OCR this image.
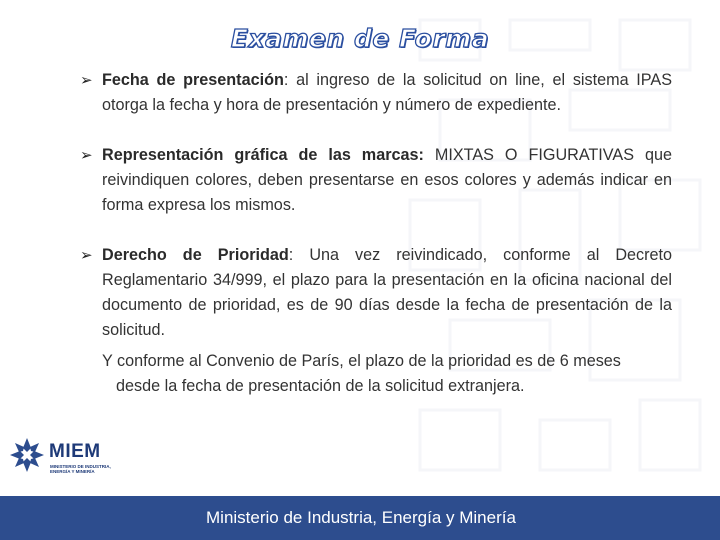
Examen de Forma
➢ Fecha de presentación: al ingreso de la solicitud on line, el sistema IPAS otorga la fecha y hora de presentación y número de expediente.
➢ Representación gráfica de las marcas: MIXTAS O FIGURATIVAS que reivindiquen colores, deben presentarse en esos colores y además indicar en forma expresa los mismos.
➢ Derecho de Prioridad: Una vez reivindicado, conforme al Decreto Reglamentario 34/999, el plazo para la presentación en la oficina nacional del documento de prioridad, es de 90 días desde la fecha de presentación de la solicitud.
Y conforme al Convenio de París, el plazo de la prioridad es de 6 meses
desde la fecha de presentación de la solicitud extranjera.
MIEM
MINISTERIO DE INDUSTRIA, ENERGÍA Y MINERÍA
Ministerio de Industria, Energía y Minería
